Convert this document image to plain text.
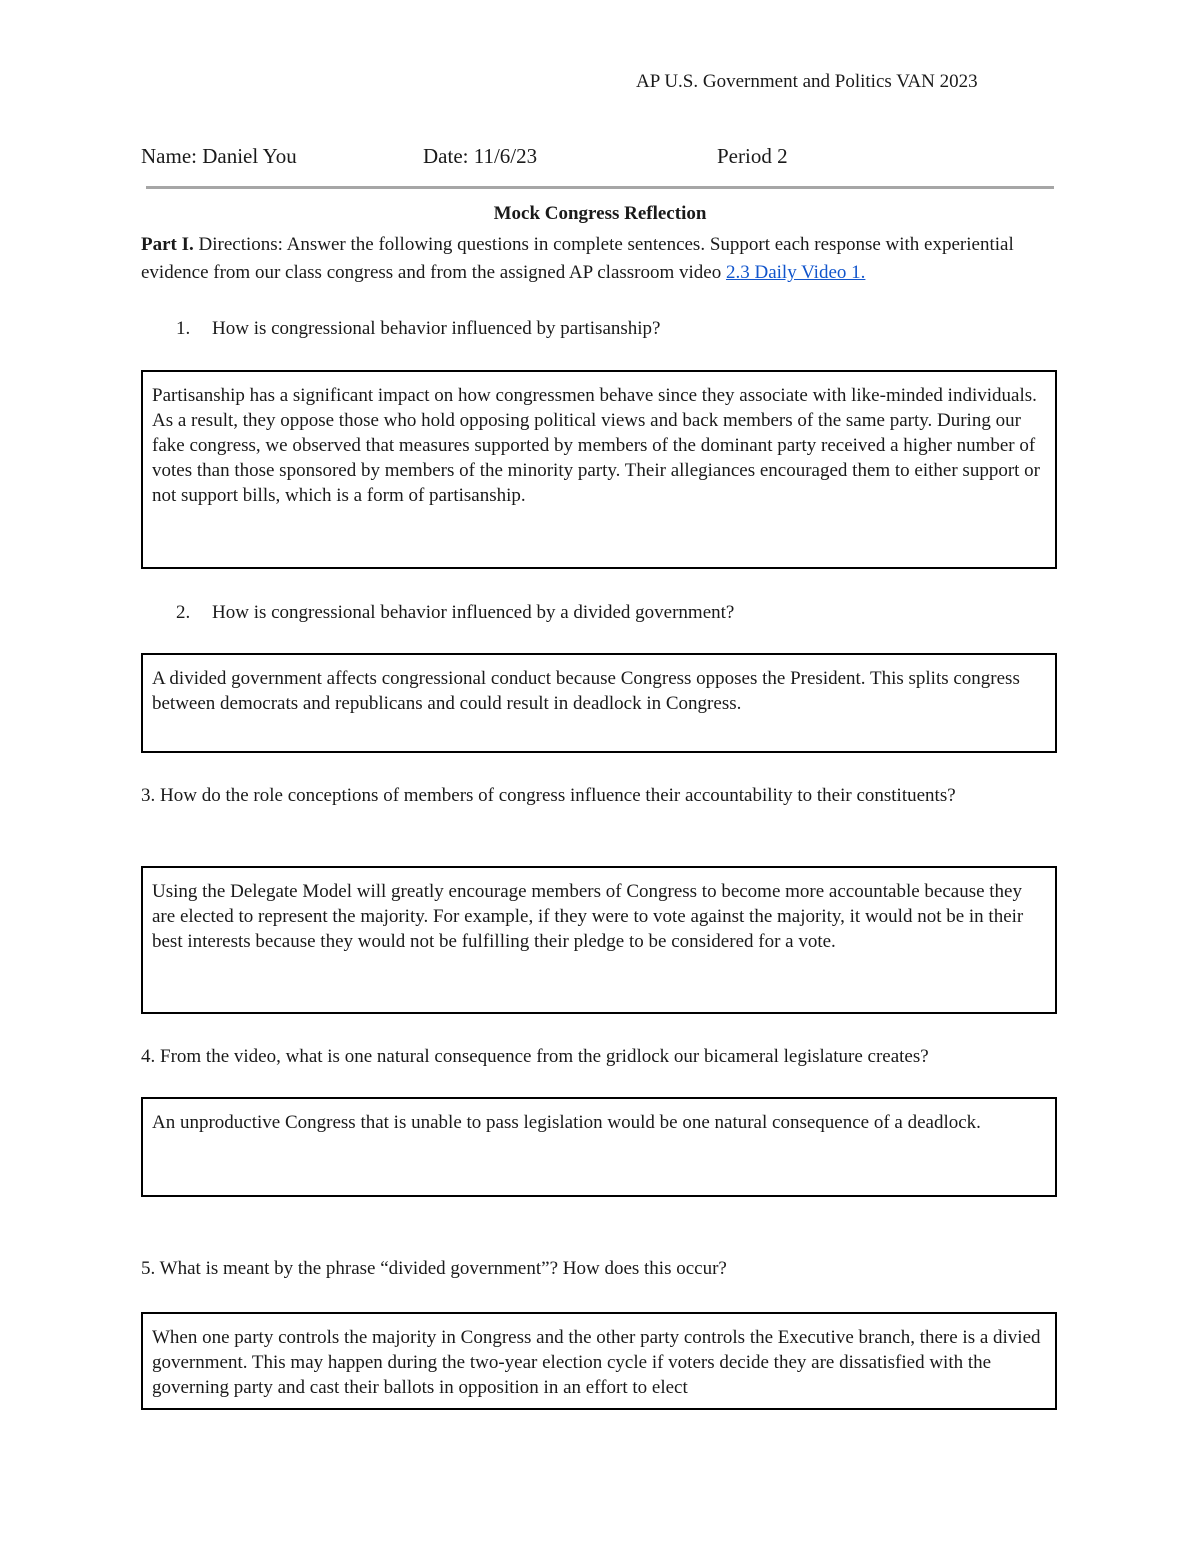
AP U.S. Government and Politics VAN 2023
Name: Daniel You	Date: 11/6/23	Period 2
Mock Congress Reflection
Part I. Directions: Answer the following questions in complete sentences. Support each response with experiential evidence from our class congress and from the assigned AP classroom video 2.3 Daily Video 1.
1. How is congressional behavior influenced by partisanship?
Partisanship has a significant impact on how congressmen behave since they associate with like-minded individuals. As a result, they oppose those who hold opposing political views and back members of the same party. During our fake congress, we observed that measures supported by members of the dominant party received a higher number of votes than those sponsored by members of the minority party. Their allegiances encouraged them to either support or not support bills, which is a form of partisanship.
2. How is congressional behavior influenced by a divided government?
A divided government affects congressional conduct because Congress opposes the President. This splits congress between democrats and republicans and could result in deadlock in Congress.
3. How do the role conceptions of members of congress influence their accountability to their constituents?
Using the Delegate Model will greatly encourage members of Congress to become more accountable because they are elected to represent the majority. For example, if they were to vote against the majority, it would not be in their best interests because they would not be fulfilling their pledge to be considered for a vote.
4. From the video, what is one natural consequence from the gridlock our bicameral legislature creates?
An unproductive Congress that is unable to pass legislation would be one natural consequence of a deadlock.
5. What is meant by the phrase “divided government”? How does this occur?
When one party controls the majority in Congress and the other party controls the Executive branch, there is a divied government. This may happen during the two-year election cycle if voters decide they are dissatisfied with the governing party and cast their ballots in opposition in an effort to elect
